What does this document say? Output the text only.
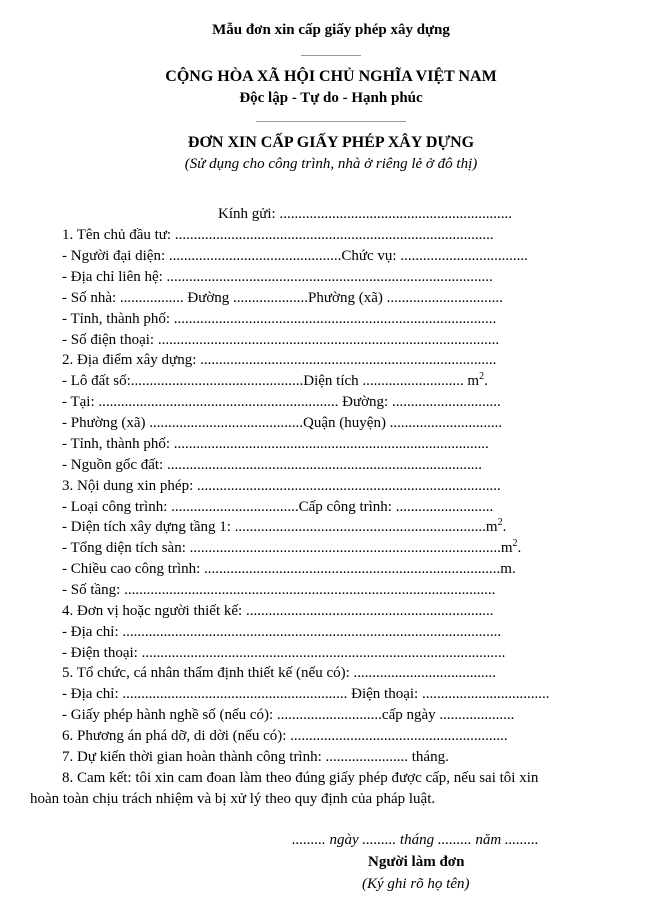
Mẫu đơn xin cấp giấy phép xây dựng
CỘNG HÒA XÃ HỘI CHỦ NGHĨA VIỆT NAM
Độc lập - Tự do - Hạnh phúc
ĐƠN XIN CẤP GIẤY PHÉP XÂY DỰNG
(Sử dụng cho công trình, nhà ở riêng lẻ ở đô thị)
Kính gửi: ..............................................................
1. Tên chủ đầu tư: .....................................................................................
- Người đại diện: ..............................................Chức vụ: ..................................
- Địa chỉ liên hệ: .......................................................................................
- Số nhà: ................. Đường ....................Phường (xã) ...............................
- Tỉnh, thành phố: ......................................................................................
- Số điện thoại: ...........................................................................................
2. Địa điểm xây dựng: ...............................................................................
- Lô đất số:..............................................Diện tích ........................... $m^2$.
- Tại: ................................................................ Đường: .............................
- Phường (xã) .........................................Quận (huyện) ..............................
- Tỉnh, thành phố: ....................................................................................
- Nguồn gốc đất: ....................................................................................
3. Nội dung xin phép: .................................................................................
- Loại công trình: ..................................Cấp công trình: ..........................
- Diện tích xây dựng tầng 1: $...................................................................m^2$.
- Tổng diện tích sàn: $...................................................................................m^2$.
- Chiều cao công trình: ...............................................................................m.
- Số tầng: ...................................................................................................
4. Đơn vị hoặc người thiết kế: ..................................................................
- Địa chỉ: .....................................................................................................
- Điện thoại: .................................................................................................
5. Tổ chức, cá nhân thẩm định thiết kế (nếu có): ......................................
- Địa chỉ: ............................................................ Điện thoại: ..................................
- Giấy phép hành nghề số (nếu có): ............................cấp ngày ....................
6. Phương án phá dỡ, di dời (nếu có): ..........................................................
7. Dự kiến thời gian hoàn thành công trình: ...................... tháng.
8. Cam kết: tôi xin cam đoan làm theo đúng giấy phép được cấp, nếu sai tôi xin
hoàn toàn chịu trách nhiệm và bị xử lý theo quy định của pháp luật.
......... ngày ......... tháng ......... năm .........
Người làm đơn
(Ký ghi rõ họ tên)
